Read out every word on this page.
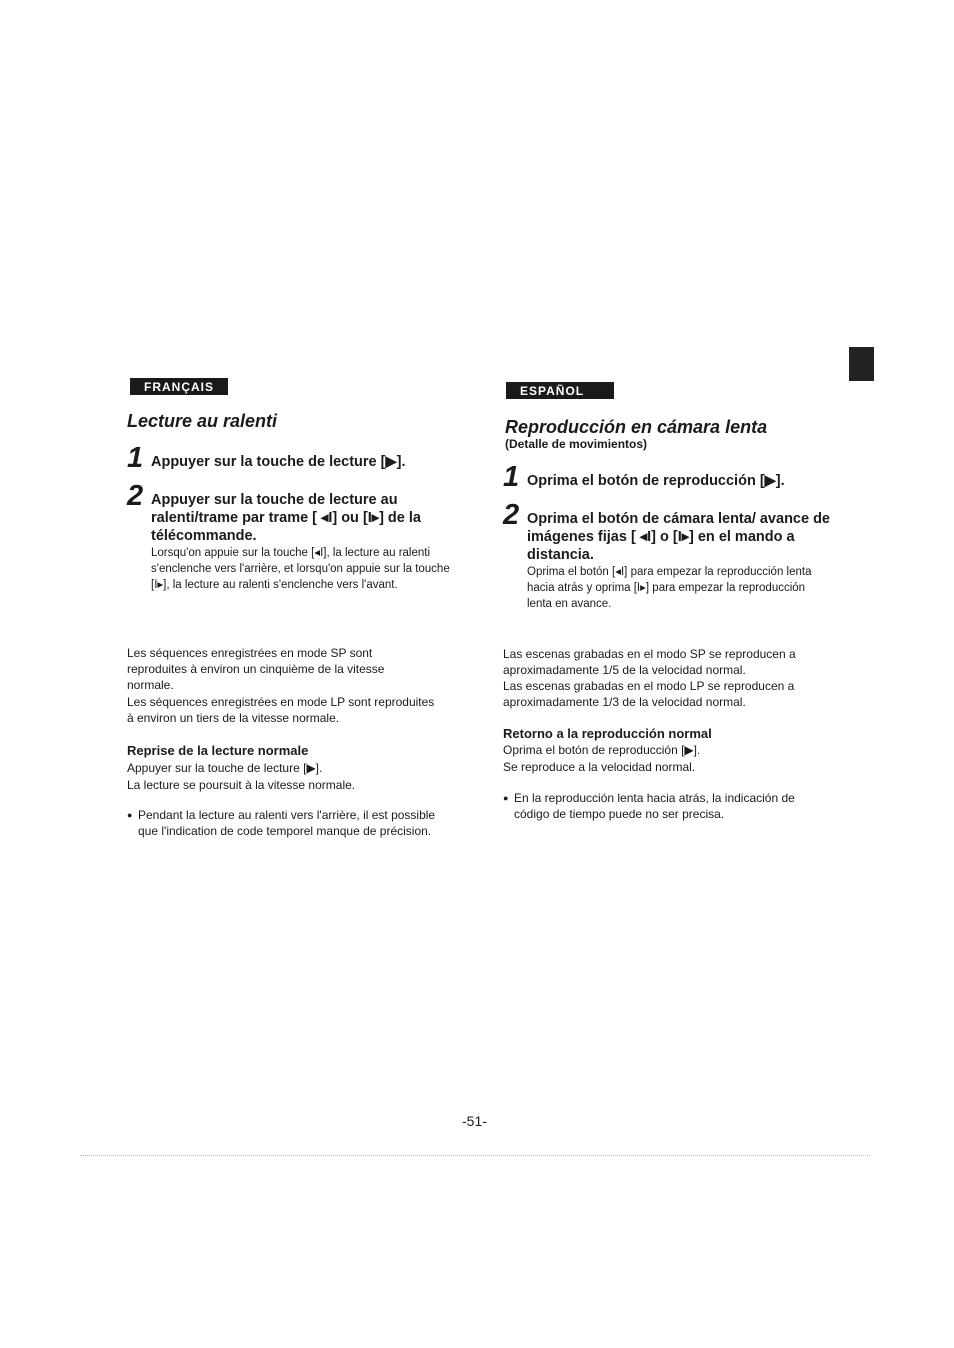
FRANÇAIS
Lecture au ralenti
1 Appuyer sur la touche de lecture [▶].
2 Appuyer sur la touche de lecture au ralenti/trame par trame [ ◂I] ou [I▸] de la télécommande.
Lorsqu'on appuie sur la touche [◂I], la lecture au ralenti s'enclenche vers l'arrière, et lorsqu'on appuie sur la touche [I▸], la lecture au ralenti s'enclenche vers l'avant.
Les séquences enregistrées en mode SP sont reproduites à environ un cinquième de la vitesse normale.
Les séquences enregistrées en mode LP sont reproduites à environ un tiers de la vitesse normale.
Reprise de la lecture normale
Appuyer sur la touche de lecture [▶].
La lecture se poursuit à la vitesse normale.
● Pendant la lecture au ralenti vers l'arrière, il est possible que l'indication de code temporel manque de précision.
ESPAÑOL
Reproducción en cámara lenta
(Detalle de movimientos)
1 Oprima el botón de reproducción [▶].
2 Oprima el botón de cámara lenta/ avance de imágenes fijas [ ◂I] o [I▸] en el mando a distancia.
Oprima el botón [◂I] para empezar la reproducción lenta hacia atrás y oprima [I▸] para empezar la reproducción lenta en avance.
Las escenas grabadas en el modo SP se reproducen a aproximadamente 1/5 de la velocidad normal.
Las escenas grabadas en el modo LP se reproducen a aproximadamente 1/3 de la velocidad normal.
Retorno a la reproducción normal
Oprima el botón de reproducción [▶].
Se reproduce a la velocidad normal.
● En la reproducción lenta hacia atrás, la indicación de código de tiempo puede no ser precisa.
-51-
